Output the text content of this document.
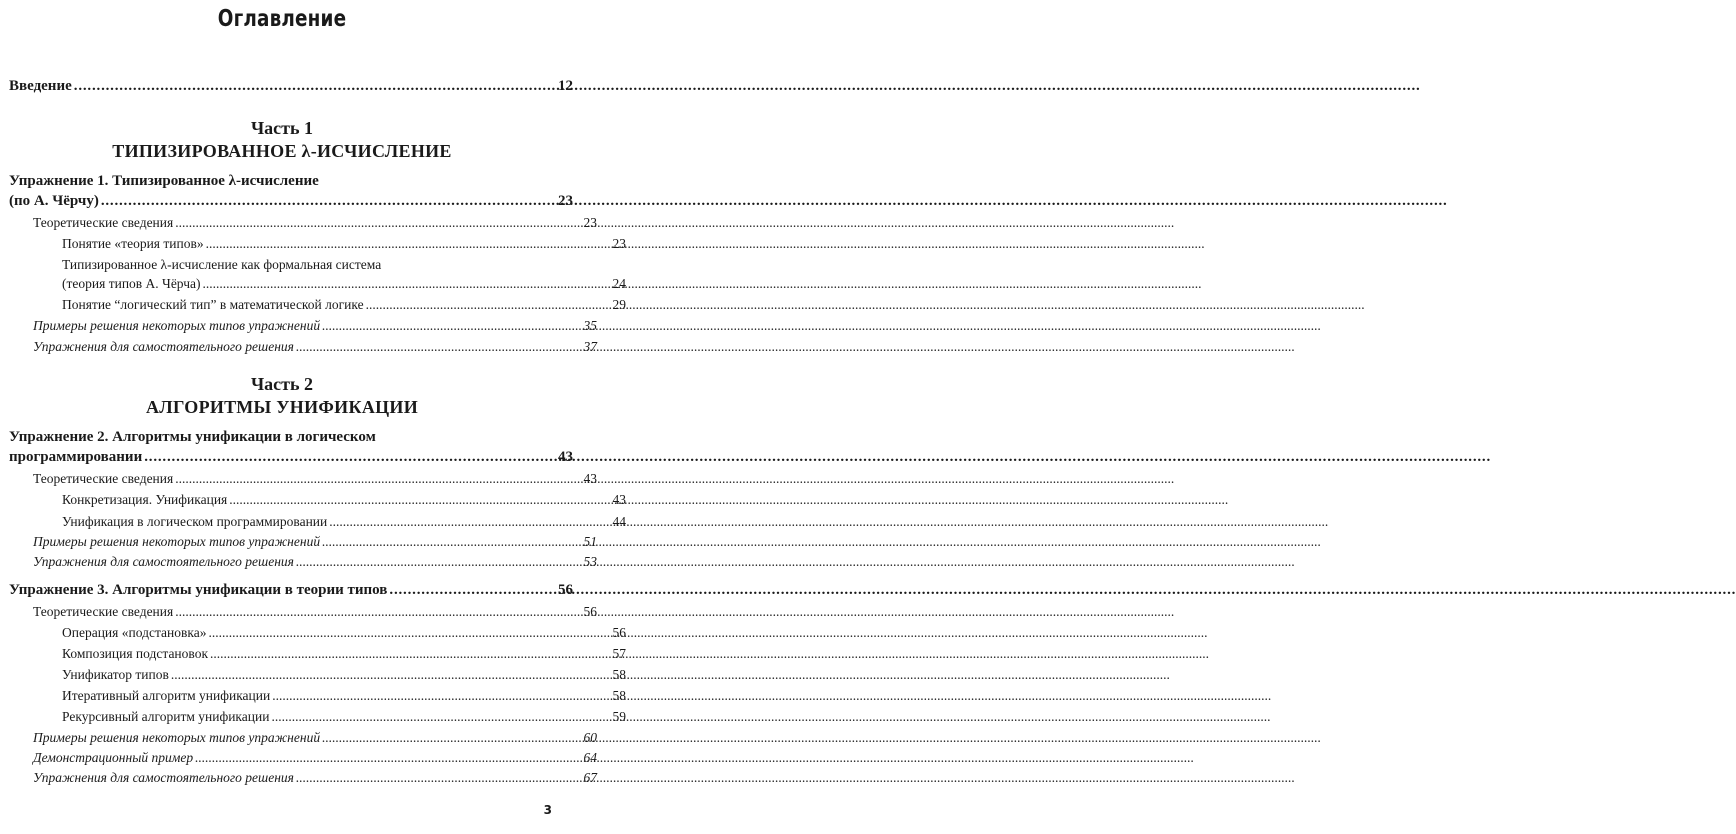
Оглавление
Введение .....	12
Часть 1
ТИПИЗИРОВАННОЕ λ-ИСЧИСЛЕНИЕ
Упражнение 1. Типизированное λ-исчисление
(по А. Чёрчу) .....	23
Теоретические сведения .....	23
Понятие «теория типов» .....	23
Типизированное λ-исчисление как формальная система
(теория типов А. Чёрча) .....	24
Понятие “логический тип” в математической логике .....	29
Примеры решения некоторых типов упражнений .....	35
Упражнения для самостоятельного решения .....	37
Часть 2
АЛГОРИТМЫ УНИФИКАЦИИ
Упражнение 2. Алгоритмы унификации в логическом
программировании .....	43
Теоретические сведения .....	43
Конкретизация. Унификация .....	43
Унификация в логическом программировании .....	44
Примеры решения некоторых типов упражнений .....	51
Упражнения для самостоятельного решения .....	53
Упражнение 3. Алгоритмы унификации в теории типов .....	56
Теоретические сведения .....	56
Операция «подстановка» .....	56
Композиция подстановок .....	57
Унификатор типов .....	58
Итеративный алгоритм унификации .....	58
Рекурсивный алгоритм унификации .....	59
Примеры решения некоторых типов упражнений .....	60
Демонстрационный пример .....	64
Упражнения для самостоятельного решения .....	67
3
